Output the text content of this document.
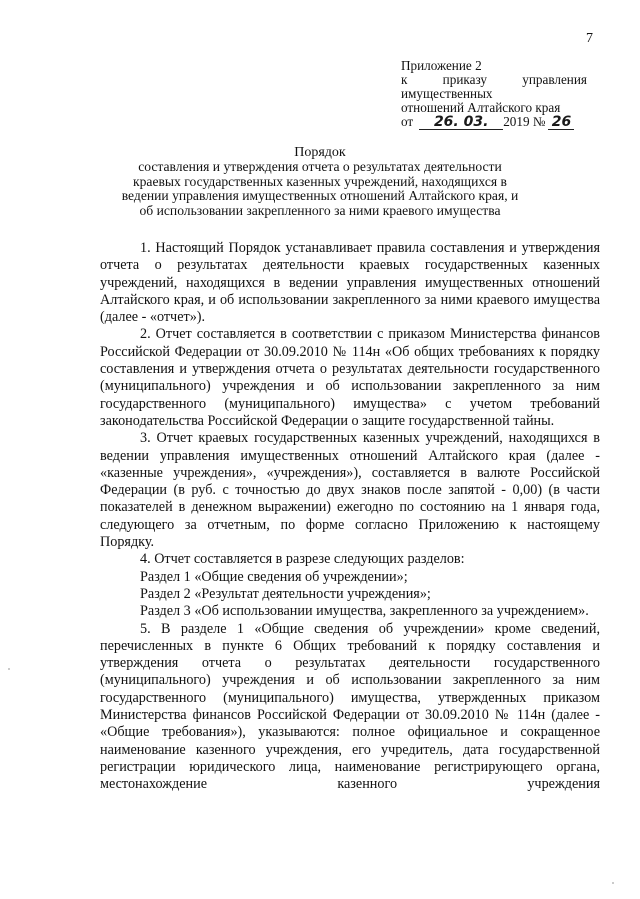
7
Приложение 2
к	приказу	управления
имущественных
отношений Алтайского края
от	26. 03.	2019 № 26
Порядок
составления и утверждения отчета о результатах деятельности краевых государственных казенных учреждений, находящихся в ведении управления имущественных отношений Алтайского края, и об использовании закрепленного за ними краевого имущества

1. Настоящий Порядок устанавливает правила составления и утверждения отчета о результатах деятельности краевых государственных казенных учреждений, находящихся в ведении управления имущественных отношений Алтайского края, и об использовании закрепленного за ними краевого имущества (далее - «отчет»).

2. Отчет составляется в соответствии с приказом Министерства финансов Российской Федерации от 30.09.2010 № 114н «Об общих требованиях к порядку составления и утверждения отчета о результатах деятельности государственного (муниципального) учреждения и об использовании закрепленного за ним государственного (муниципального) имущества» с учетом требований законодательства Российской Федерации о защите государственной тайны.

3. Отчет краевых государственных казенных учреждений, находящихся в ведении управления имущественных отношений Алтайского края (далее - «казенные учреждения», «учреждения»), составляется в валюте Российской Федерации (в руб. с точностью до двух знаков после запятой - 0,00) (в части показателей в денежном выражении) ежегодно по состоянию на 1 января года, следующего за отчетным, по форме согласно Приложению к настоящему Порядку.

4. Отчет составляется в разрезе следующих разделов:

Раздел 1 «Общие сведения об учреждении»;

Раздел 2 «Результат деятельности учреждения»;

Раздел 3 «Об использовании имущества, закрепленного за учреждением».

5. В разделе 1 «Общие сведения об учреждении» кроме сведений, перечисленных в пункте 6 Общих требований к порядку составления и утверждения отчета о результатах деятельности государственного (муниципального) учреждения и об использовании закрепленного за ним государственного (муниципального) имущества, утвержденных приказом Министерства финансов Российской Федерации от 30.09.2010 № 114н (далее - «Общие требования»), указываются: полное официальное и сокращенное наименование казенного учреждения, его учредитель, дата государственной регистрации юридического лица, наименование регистрирующего органа, местонахождение казенного учреждения
